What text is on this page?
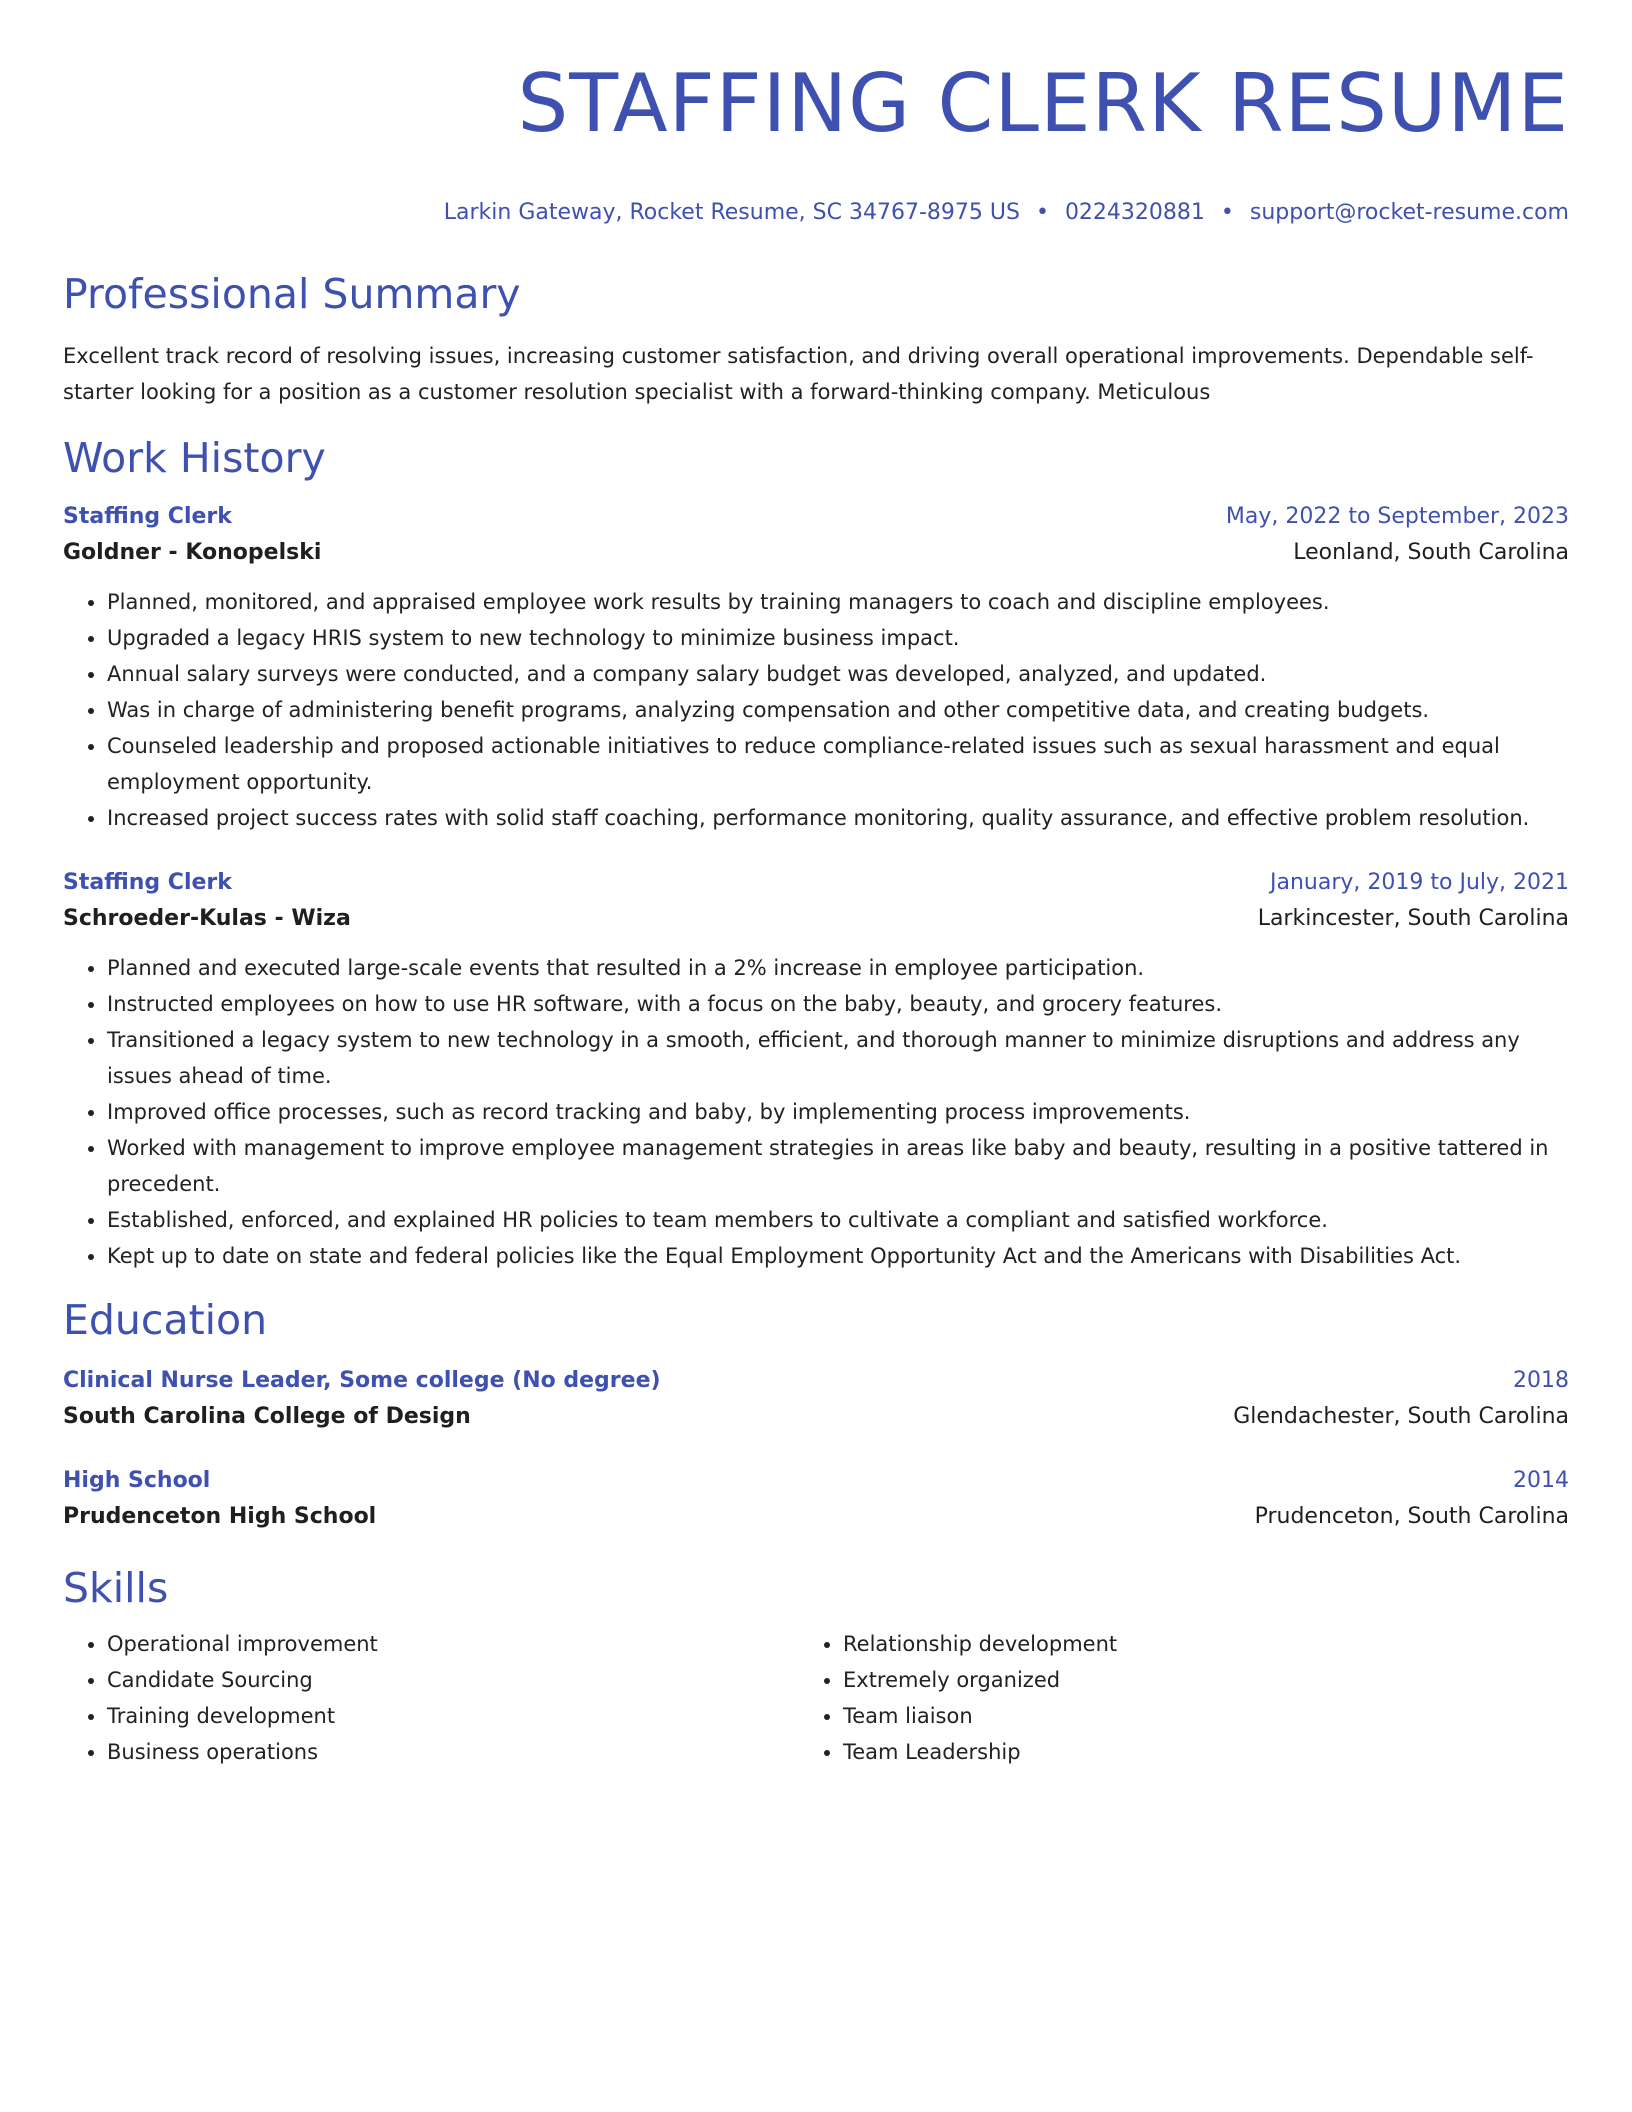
STAFFING CLERK RESUME
Larkin Gateway, Rocket Resume, SC 34767-8975 US • 0224320881 • support@rocket-resume.com
Professional Summary
Excellent track record of resolving issues, increasing customer satisfaction, and driving overall operational improvements. Dependable self-starter looking for a position as a customer resolution specialist with a forward-thinking company. Meticulous
Work History
Staffing Clerk	May, 2022 to September, 2023
Goldner - Konopelski	Leonland, South Carolina
• Planned, monitored, and appraised employee work results by training managers to coach and discipline employees.
• Upgraded a legacy HRIS system to new technology to minimize business impact.
• Annual salary surveys were conducted, and a company salary budget was developed, analyzed, and updated.
• Was in charge of administering benefit programs, analyzing compensation and other competitive data, and creating budgets.
• Counseled leadership and proposed actionable initiatives to reduce compliance-related issues such as sexual harassment and equal employment opportunity.
• Increased project success rates with solid staff coaching, performance monitoring, quality assurance, and effective problem resolution.
Staffing Clerk	January, 2019 to July, 2021
Schroeder-Kulas - Wiza	Larkincester, South Carolina
• Planned and executed large-scale events that resulted in a 2% increase in employee participation.
• Instructed employees on how to use HR software, with a focus on the baby, beauty, and grocery features.
• Transitioned a legacy system to new technology in a smooth, efficient, and thorough manner to minimize disruptions and address any issues ahead of time.
• Improved office processes, such as record tracking and baby, by implementing process improvements.
• Worked with management to improve employee management strategies in areas like baby and beauty, resulting in a positive tattered in precedent.
• Established, enforced, and explained HR policies to team members to cultivate a compliant and satisfied workforce.
• Kept up to date on state and federal policies like the Equal Employment Opportunity Act and the Americans with Disabilities Act.
Education
Clinical Nurse Leader, Some college (No degree)	2018
South Carolina College of Design	Glendachester, South Carolina
High School	2014
Prudenceton High School	Prudenceton, South Carolina
Skills
• Operational improvement
• Candidate Sourcing
• Training development
• Business operations
• Relationship development
• Extremely organized
• Team liaison
• Team Leadership
